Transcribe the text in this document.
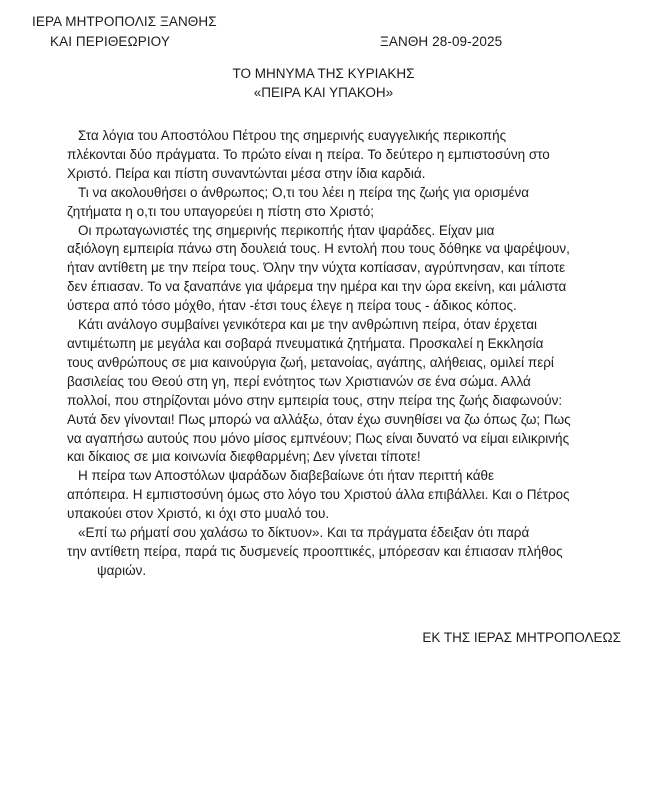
ΙΕΡΑ ΜΗΤΡΟΠΟΛΙΣ ΞΑΝΘΗΣ
ΚΑΙ ΠΕΡΙΘΕΩΡΙΟΥ	ΞΑΝΘΗ 28-09-2025
ΤΟ ΜΗΝΥΜΑ ΤΗΣ ΚΥΡΙΑΚΗΣ
«ΠΕΙΡΑ ΚΑΙ ΥΠΑΚΟΗ»
Στα λόγια του Αποστόλου Πέτρου της σημερινής ευαγγελικής περικοπής
πλέκονται δύο πράγματα. Το πρώτο είναι η πείρα. Το δεύτερο η εμπιστοσύνη στο
Χριστό. Πείρα και πίστη συναντώνται μέσα στην ίδια καρδιά.
Τι να ακολουθήσει ο άνθρωπος; Ο,τι του λέει η πείρα της ζωής για ορισμένα
ζητήματα η ο,τι του υπαγορεύει η πίστη στο Χριστό;
Οι πρωταγωνιστές της σημερινής περικοπής ήταν ψαράδες. Είχαν μια
αξιόλογη εμπειρία πάνω στη δουλειά τους. Η εντολή που τους δόθηκε να ψαρέψουν,
ήταν αντίθετη με την πείρα τους. Όλην την νύχτα κοπίασαν, αγρύπνησαν, και τίποτε
δεν έπιασαν. Το να ξαναπάνε για ψάρεμα την ημέρα και την ώρα εκείνη, και μάλιστα
ύστερα από τόσο μόχθο, ήταν -έτσι τους έλεγε η πείρα τους - άδικος κόπος.
Κάτι ανάλογο συμβαίνει γενικότερα και με την ανθρώπινη πείρα, όταν έρχεται
αντιμέτωπη με μεγάλα και σοβαρά πνευματικά ζητήματα. Προσκαλεί η Εκκλησία
τους ανθρώπους σε μια καινούργια ζωή, μετανοίας, αγάπης, αλήθειας, ομιλεί περί
βασιλείας του Θεού στη γη, περί ενότητος των Χριστιανών σε ένα σώμα. Αλλά
πολλοί, που στηρίζονται μόνο στην εμπειρία τους, στην πείρα της ζωής διαφωνούν:
Αυτά δεν γίνονται! Πως μπορώ να αλλάξω, όταν έχω συνηθίσει να ζω όπως ζω; Πως
να αγαπήσω αυτούς που μόνο μίσος εμπνέουν; Πως είναι δυνατό να είμαι ειλικρινής
και δίκαιος σε μια κοινωνία διεφθαρμένη; Δεν γίνεται τίποτε!
Η πείρα των Αποστόλων ψαράδων διαβεβαίωνε ότι ήταν περιττή κάθε
απόπειρα. Η εμπιστοσύνη όμως στο λόγο του Χριστού άλλα επιβάλλει. Και ο Πέτρος
υπακούει στον Χριστό, κι όχι στο μυαλό του.
«Επί τω ρήματί σου χαλάσω το δίκτυον». Και τα πράγματα έδειξαν ότι παρά
την αντίθετη πείρα, παρά τις δυσμενείς προοπτικές, μπόρεσαν και έπιασαν πλήθος
ψαριών.
ΕΚ ΤΗΣ ΙΕΡΑΣ ΜΗΤΡΟΠΟΛΕΩΣ
